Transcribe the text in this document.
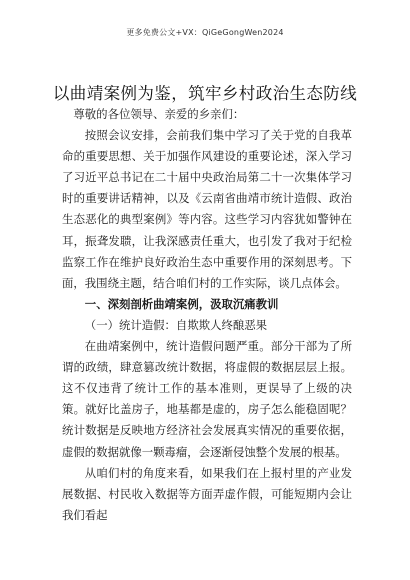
更多免费公文+VX：QiGeGongWen2024
以曲靖案例为鉴，筑牢乡村政治生态防线

尊敬的各位领导、亲爱的乡亲们：

按照会议安排，会前我们集中学习了关于党的自我革命的重要思想、关于加强作风建设的重要论述，深入学习了习近平总书记在二十届中央政治局第二十一次集体学习时的重要讲话精神，以及《云南省曲靖市统计造假、政治生态恶化的典型案例》等内容。这些学习内容犹如警钟在耳，振聋发聩，让我深感责任重大，也引发了我对于纪检监察工作在维护良好政治生态中重要作用的深刻思考。下面，我围绕主题，结合咱们村的工作实际，谈几点体会。

一、深刻剖析曲靖案例，汲取沉痛教训

（一）统计造假：自欺欺人终酿恶果

在曲靖案例中，统计造假问题严重。部分干部为了所谓的政绩，肆意篡改统计数据，将虚假的数据层层上报。这不仅违背了统计工作的基本准则，更误导了上级的决策。就好比盖房子，地基都是虚的，房子怎么能稳固呢？统计数据是反映地方经济社会发展真实情况的重要依据，虚假的数据就像一颗毒瘤，会逐渐侵蚀整个发展的根基。

从咱们村的角度来看，如果我们在上报村里的产业发展数据、村民收入数据等方面弄虚作假，可能短期内会让我们看起
